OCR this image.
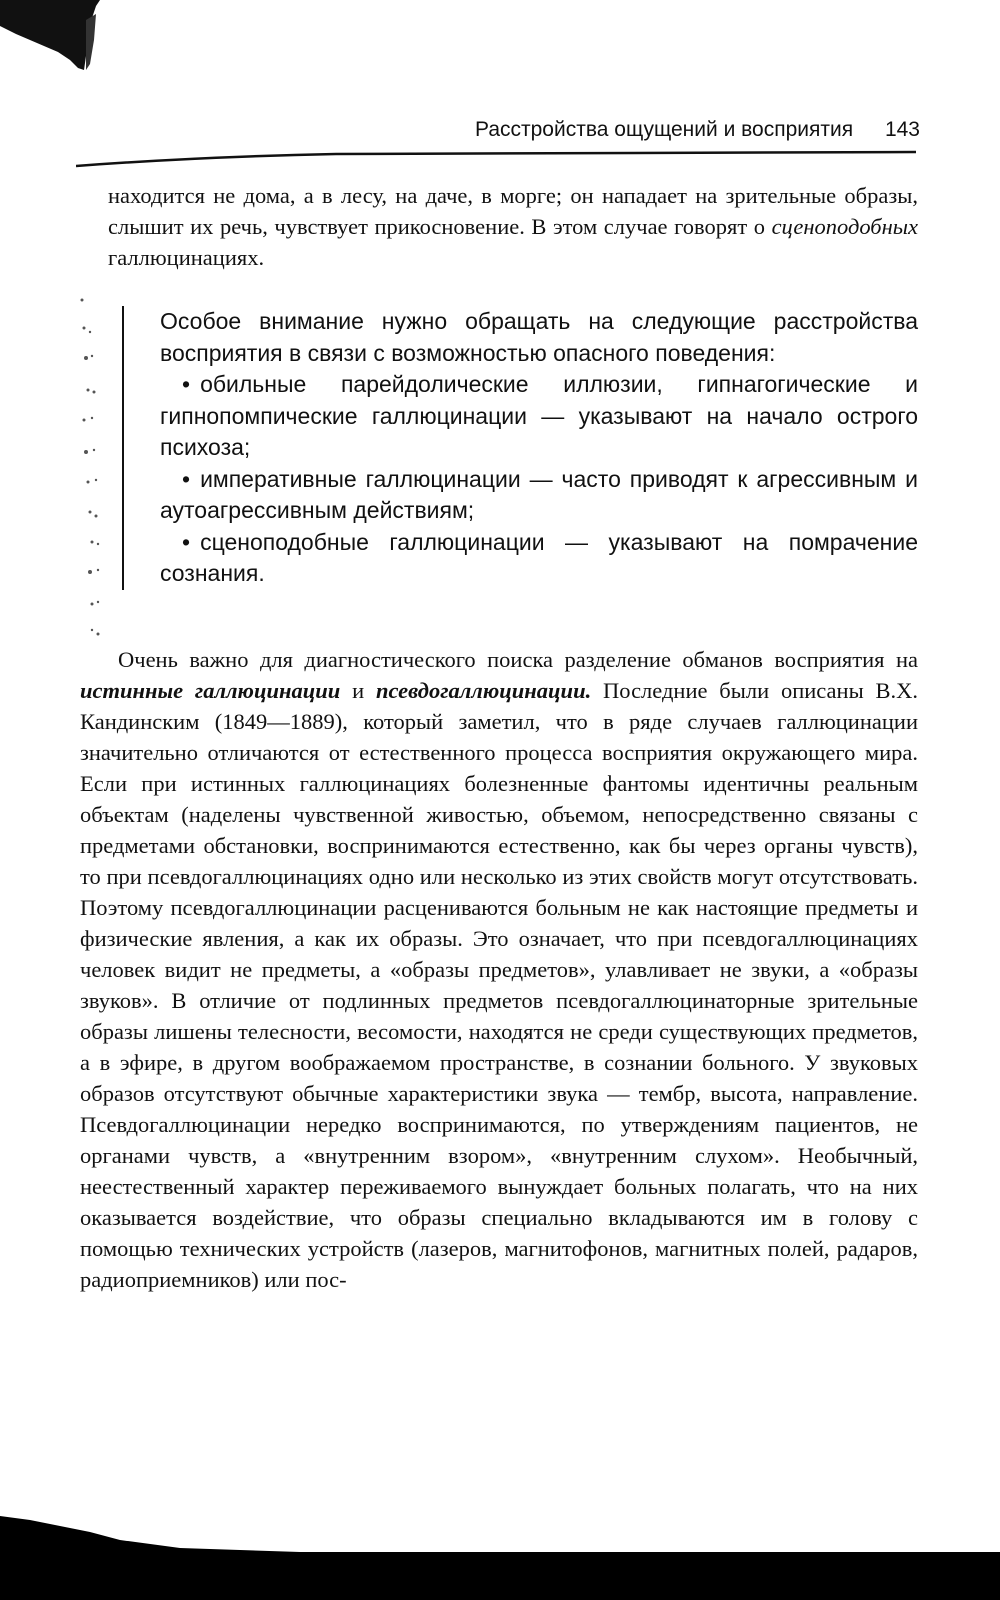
Расстройства ощущений и восприятия 143

находится не дома, а в лесу, на даче, в морге; он нападает на зрительные образы, слышит их речь, чувствует прикосновение. В этом случае говорят о сценоподобных галлюцинациях.

Особое внимание нужно обращать на следующие расстройства восприятия в связи с возможностью опасного поведения:

• обильные парейдолические иллюзии, гипнагогические и гипнопомпические галлюцинации — указывают на начало острого психоза;
• императивные галлюцинации — часто приводят к агрессивным и аутоагрессивным действиям;
• сценоподобные галлюцинации — указывают на помрачение сознания.

Очень важно для диагностического поиска разделение обманов восприятия на истинные галлюцинации и псевдогаллюцинации. Последние были описаны В.Х. Кандинским (1849—1889), который заметил, что в ряде случаев галлюцинации значительно отличаются от естественного процесса восприятия окружающего мира. Если при истинных галлюцинациях болезненные фантомы идентичны реальным объектам (наделены чувственной живостью, объемом, непосредственно связаны с предметами обстановки, воспринимаются естественно, как бы через органы чувств), то при псевдогаллюцинациях одно или несколько из этих свойств могут отсутствовать. Поэтому псевдогаллюцинации расцениваются больным не как настоящие предметы и физические явления, а как их образы. Это означает, что при псевдогаллюцинациях человек видит не предметы, а «образы предметов», улавливает не звуки, а «образы звуков». В отличие от подлинных предметов псевдогаллюцинаторные зрительные образы лишены телесности, весомости, находятся не среди существующих предметов, а в эфире, в другом воображаемом пространстве, в сознании больного. У звуковых образов отсутствуют обычные характеристики звука — тембр, высота, направление. Псевдогаллюцинации нередко воспринимаются, по утверждениям пациентов, не органами чувств, а «внутренним взором», «внутренним слухом». Необычный, неестественный характер переживаемого вынуждает больных полагать, что на них оказывается воздействие, что образы специально вкладываются им в голову с помощью технических устройств (лазеров, магнитофонов, магнитных полей, радаров, радиоприемников) или пос-
